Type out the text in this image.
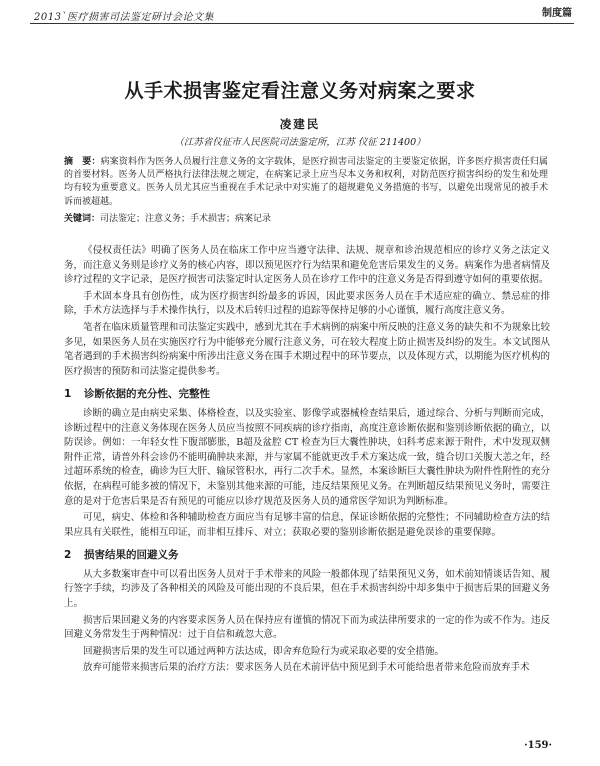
2013`医疗损害司法鉴定研讨会论文集	制度篇
从手术损害鉴定看注意义务对病案之要求
凌建民
（江苏省仪征市人民医院司法鉴定所，江苏 仪征 211400）
摘　要：病案资料作为医务人员履行注意义务的文字载体，是医疗损害司法鉴定的主要鉴定依据，许多医疗损害责任归属的首要材料。医务人员严格执行法律法规之规定，在病案记录上应当尽本义务和权利，对防范医疗损害纠纷的发生和处理均有较为重要意义。医务人员尤其应当重视在手术记录中对实施了的超规避免义务措施的书写，以避免出现常见的被手术诉而被超越。
关键词：司法鉴定；注意义务；手术损害；病案记录

《侵权责任法》明确了医务人员在临床工作中应当遵守法律、法规、规章和诊治规范相应的诊疗义务之法定义务，而注意义务则是诊疗义务的核心内容，即以预见医疗行为结果和避免危害后果发生的义务。病案作为患者病情及诊疗过程的文字记录，是医疗损害司法鉴定时认定医务人员在诊疗工作中的注意义务是否得到遵守如何的重要依据。

手术固本身具有创伤性，成为医疗损害纠纷最多的诉因，因此要求医务人员在手术适应症的确立、禁忌症的排除，手术方法选择与手术操作执行，以及术后转归过程的追踪等保持足够的小心谨慎，履行高度注意义务。

笔者在临床质量管理和司法鉴定实践中，感到尤其在手术病例的病案中所反映的注意义务的缺失和不为规象比较多见，如果医务人员在实施医疗行为中能够充分履行注意义务，可在较大程度上防止损害及纠纷的发生。本文试图从笔者遇到的手术损害纠纷病案中所涉出注意义务在围手术期过程中的环节要点，以及体现方式，以期能为医疗机构的医疗损害的预防和司法鉴定提供参考。

1 诊断依据的充分性、完整性

诊断的确立是由病史采集、体格检查，以及实验室、影像学或器械检查结果后，通过综合、分析与判断而完成，诊断过程中的注意义务体现在医务人员应当按照不同疾病的诊疗指南，高度注意诊断依据和鉴别诊断依据的确立，以防误诊。例如：一年轻女性下腹部膨胀，B超及盆腔 CT 检查为巨大囊性肿块，妇科考虑来源于附件，术中发现双侧附件正常，请普外科会诊仍不能明确肿块来源，并与家属不能就更改手术方案达成一致，缝合切口关腹大恙之年，经过超环系统的检查，确诊为巨大肝、输尿管积水，再行二次手术。显然，本案诊断巨大囊性肿块为附件性附性的充分依据，在病程可能多被的情况下，未鉴别其他来源的可能，违反结果预见义务。在判断超反结果预见义务时，需要注意的是对于危害后果是否有预见的可能应以诊疗规范及医务人员的通常医学知识为判断标准。

可见，病史、体检和各种辅助检查方面应当有足够丰富的信息，保证诊断依据的完整性；不同辅助检查方法的结果应具有关联性，能相互印证，而非相互排斥、对立；获取必要的鉴别诊断依据是避免误诊的重要保障。

2 损害结果的回避义务

从大多数案审查中可以看出医务人员对于手术带来的风险一般都体现了结果预见义务，如术前知情谈话告知、履行签字手续，均涉及了各种相关的风险及可能出现的不良后果，但在手术损害纠纷中却多集中于损害后果的回避义务上。

损害后果回避义务的内容要求医务人员在保持应有谨慎的情况下而为或法律所要求的一定的作为或不作为。违反回避义务常发生于两种情况：过于自信和疏忽大意。

回避损害后果的发生可以通过两种方法达成，即舍弃危险行为或采取必要的安全措施。

放弃可能带来损害后果的治疗方法：要求医务人员在术前评估中预见到手术可能给患者带来危险而放弃手术

·159·
